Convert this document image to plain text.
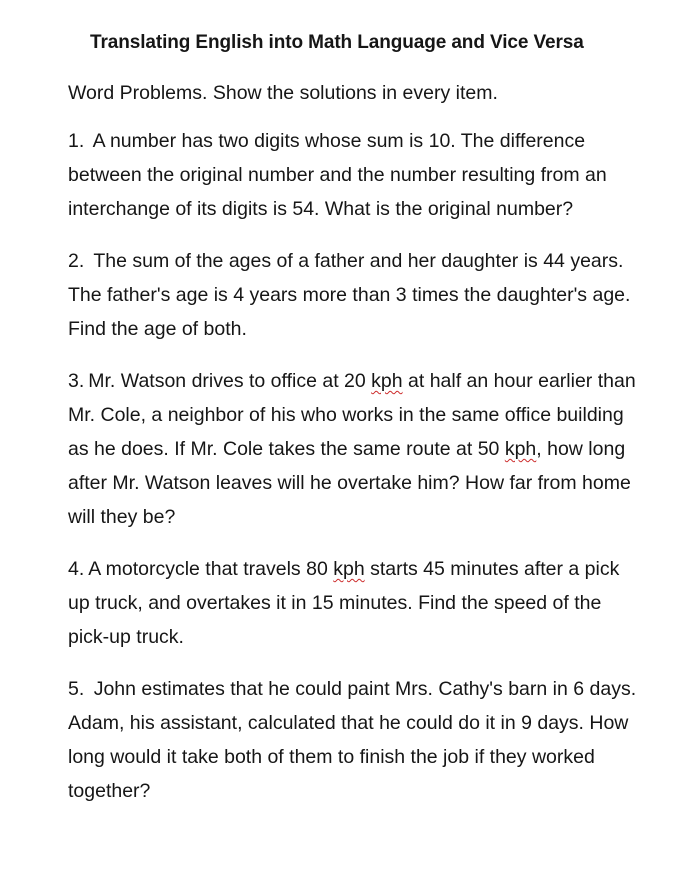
Translating English into Math Language and Vice Versa

Word Problems. Show the solutions in every item.

1. A number has two digits whose sum is 10. The difference between the original number and the number resulting from an interchange of its digits is 54. What is the original number?

2. The sum of the ages of a father and her daughter is 44 years. The father's age is 4 years more than 3 times the daughter's age. Find the age of both.

3. Mr. Watson drives to office at 20 kph at half an hour earlier than Mr. Cole, a neighbor of his who works in the same office building as he does. If Mr. Cole takes the same route at 50 kph, how long after Mr. Watson leaves will he overtake him? How far from home will they be?

4. A motorcycle that travels 80 kph starts 45 minutes after a pick up truck, and overtakes it in 15 minutes. Find the speed of the pick-up truck.

5. John estimates that he could paint Mrs. Cathy's barn in 6 days. Adam, his assistant, calculated that he could do it in 9 days. How long would it take both of them to finish the job if they worked together?
